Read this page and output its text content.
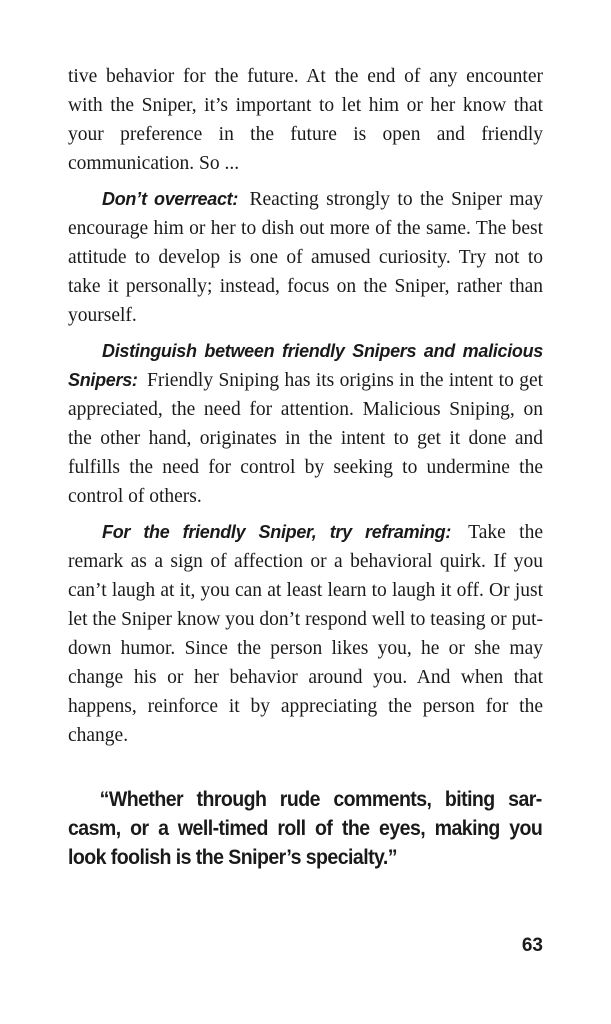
tive behavior for the future. At the end of any encounter with the Sniper, it’s important to let him or her know that your preference in the future is open and friendly communication. So ...

Don’t overreact: Reacting strongly to the Sniper may encourage him or her to dish out more of the same. The best attitude to develop is one of amused curiosity. Try not to take it personally; instead, focus on the Sniper, rather than yourself.

Distinguish between friendly Snipers and malicious Snipers: Friendly Sniping has its origins in the intent to get appreciated, the need for attention. Malicious Sniping, on the other hand, originates in the intent to get it done and fulfills the need for control by seeking to undermine the control of others.

For the friendly Sniper, try reframing: Take the remark as a sign of affection or a behavioral quirk. If you can’t laugh at it, you can at least learn to laugh it off. Or just let the Sniper know you don’t respond well to teasing or put-down humor. Since the person likes you, he or she may change his or her behavior around you. And when that happens, reinforce it by appreciating the person for the change.

“Whether through rude comments, biting sarcasm, or a well-timed roll of the eyes, making you look foolish is the Sniper’s specialty.”

63
